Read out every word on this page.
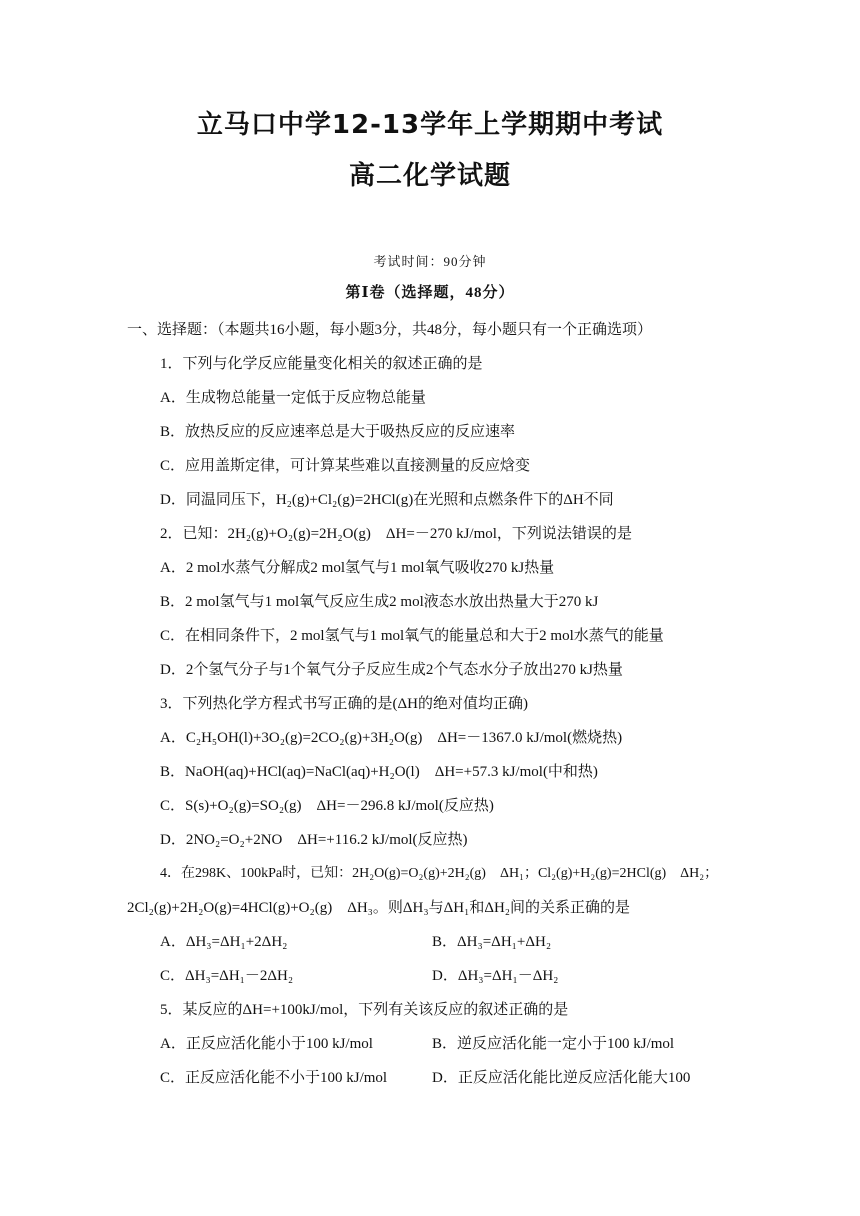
立马口中学12-13学年上学期期中考试
高二化学试题
考试时间：90分钟
第Ⅰ卷（选择题，48分）
一、选择题：（本题共16小题，每小题3分，共48分，每小题只有一个正确选项）
1．下列与化学反应能量变化相关的叙述正确的是
A．生成物总能量一定低于反应物总能量
B．放热反应的反应速率总是大于吸热反应的反应速率
C．应用盖斯定律，可计算某些难以直接测量的反应焓变
D．同温同压下，H₂(g)+Cl₂(g)=2HCl(g)在光照和点燃条件下的ΔH不同
2．已知：2H₂(g)+O₂(g)=2H₂O(g)　ΔH=－270 kJ/mol，下列说法错误的是
A．2 mol水蒸气分解成2 mol氢气与1 mol氧气吸收270 kJ热量
B．2 mol氢气与1 mol氧气反应生成2 mol液态水放出热量大于270 kJ
C．在相同条件下，2 mol氢气与1 mol氧气的能量总和大于2 mol水蒸气的能量
D．2个氢气分子与1个氧气分子反应生成2个气态水分子放出270 kJ热量
3．下列热化学方程式书写正确的是(ΔH的绝对值均正确)
A．C₂H₅OH(l)+3O₂(g)=2CO₂(g)+3H₂O(g)　ΔH=－1367.0 kJ/mol(燃烧热)
B．NaOH(aq)+HCl(aq)=NaCl(aq)+H₂O(l)　ΔH=+57.3 kJ/mol(中和热)
C．S(s)+O₂(g)=SO₂(g)　ΔH=－296.8 kJ/mol(反应热)
D．2NO₂=O₂+2NO　ΔH=+116.2 kJ/mol(反应热)
4．在298K、100kPa时，已知：2H₂O(g)=O₂(g)+2H₂(g)　ΔH₁；Cl₂(g)+H₂(g)=2HCl(g)　ΔH₂；
2Cl₂(g)+2H₂O(g)=4HCl(g)+O₂(g)　ΔH₃。则ΔH₃与ΔH₁和ΔH₂间的关系正确的是
A．ΔH₃=ΔH₁+2ΔH₂	B．ΔH₃=ΔH₁+ΔH₂
C．ΔH₃=ΔH₁－2ΔH₂	D．ΔH₃=ΔH₁－ΔH₂
5．某反应的ΔH=+100kJ/mol，下列有关该反应的叙述正确的是
A．正反应活化能小于100 kJ/mol	B．逆反应活化能一定小于100 kJ/mol
C．正反应活化能不小于100 kJ/mol	D．正反应活化能比逆反应活化能大100
